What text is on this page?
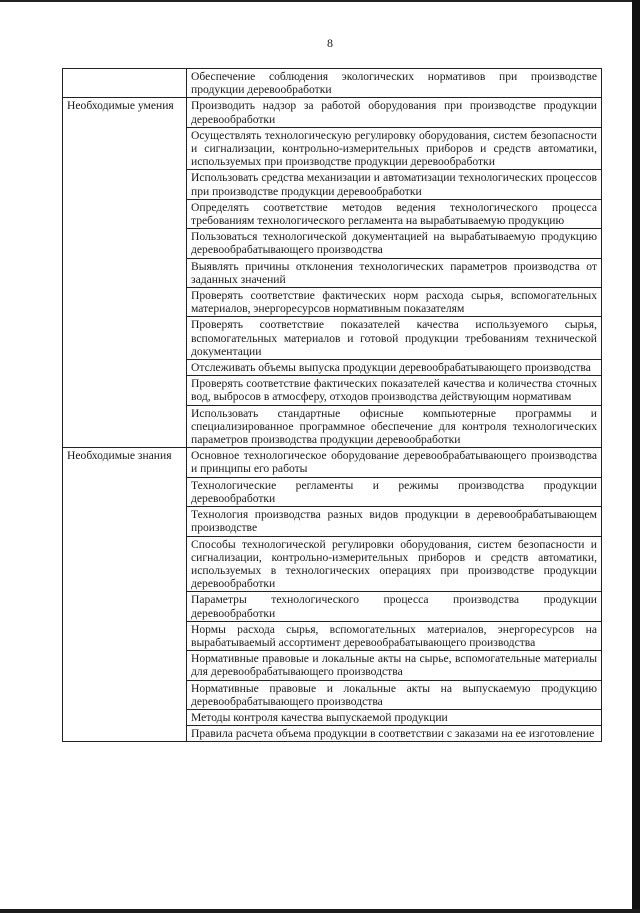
8
	Обеспечение соблюдения экологических нормативов при производстве продукции деревообработки

Необходимые умения	Производить надзор за работой оборудования при производстве продукции деревообработки
	Осуществлять технологическую регулировку оборудования, систем безопасности и сигнализации, контрольно-измерительных приборов и средств автоматики, используемых при производстве продукции деревообработки
	Использовать средства механизации и автоматизации технологических процессов при производстве продукции деревообработки
	Определять соответствие методов ведения технологического процесса требованиям технологического регламента на вырабатываемую продукцию
	Пользоваться технологической документацией на вырабатываемую продукцию деревообрабатывающего производства
	Выявлять причины отклонения технологических параметров производства от заданных значений
	Проверять соответствие фактических норм расхода сырья, вспомогательных материалов, энергоресурсов нормативным показателям
	Проверять соответствие показателей качества используемого сырья, вспомогательных материалов и готовой продукции требованиям технической документации
	Отслеживать объемы выпуска продукции деревообрабатывающего производства
	Проверять соответствие фактических показателей качества и количества сточных вод, выбросов в атмосферу, отходов производства действующим нормативам
	Использовать стандартные офисные компьютерные программы и специализированное программное обеспечение для контроля технологических параметров производства продукции деревообработки

Необходимые знания	Основное технологическое оборудование деревообрабатывающего производства и принципы его работы
	Технологические регламенты и режимы производства продукции деревообработки
	Технология производства разных видов продукции в деревообрабатывающем производстве
	Способы технологической регулировки оборудования, систем безопасности и сигнализации, контрольно-измерительных приборов и средств автоматики, используемых в технологических операциях при производстве продукции деревообработки
	Параметры технологического процесса производства продукции деревообработки
	Нормы расхода сырья, вспомогательных материалов, энергоресурсов на вырабатываемый ассортимент деревообрабатывающего производства
	Нормативные правовые и локальные акты на сырье, вспомогательные материалы для деревообрабатывающего производства
	Нормативные правовые и локальные акты на выпускаемую продукцию деревообрабатывающего производства
	Методы контроля качества выпускаемой продукции
	Правила расчета объема продукции в соответствии с заказами на ее изготовление
